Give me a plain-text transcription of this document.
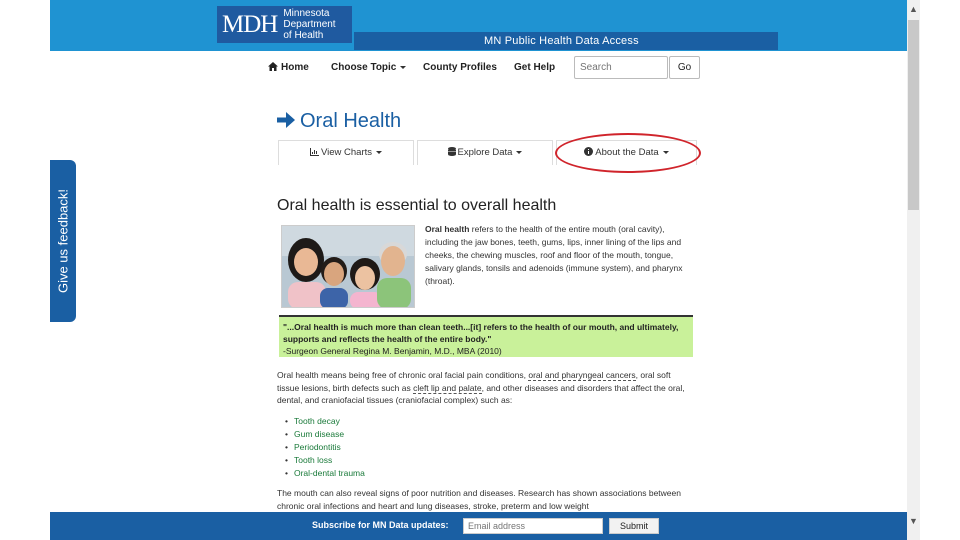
MDH Minnesota
Department
of Health	MN Public Health Data Access
▲
▼
Give us feedback!
Home Choose Topic	County Profiles Get Help
Search	Go
Oral Health
View Charts	Explore Data	About the Data
Oral health is essential to overall health
Oral health refers to the health of the entire mouth (oral cavity), including the jaw bones, teeth, gums, lips, inner lining of the lips and cheeks, the chewing muscles, roof and floor of the mouth, tongue, salivary glands, tonsils and adenoids (immune system), and pharynx (throat).
"...Oral health is much more than clean teeth...[it] refers to the health of our mouth, and ultimately, supports and reflects the health of the entire body."
-Surgeon General Regina M. Benjamin, M.D., MBA (2010)
Oral health means being free of chronic oral facial pain conditions, oral and pharyngeal cancers, oral soft tissue lesions, birth defects such as cleft lip and palate, and other diseases and disorders that affect the oral, dental, and craniofacial tissues (craniofacial complex) such as:
• Tooth decay
• Gum disease
• Periodontitis
• Tooth loss
• Oral-dental trauma
The mouth can also reveal signs of poor nutrition and diseases. Research has shown associations between chronic oral infections and heart and lung diseases, stroke, preterm and low weight
Subscribe for MN Data updates:
Email address	Submit
